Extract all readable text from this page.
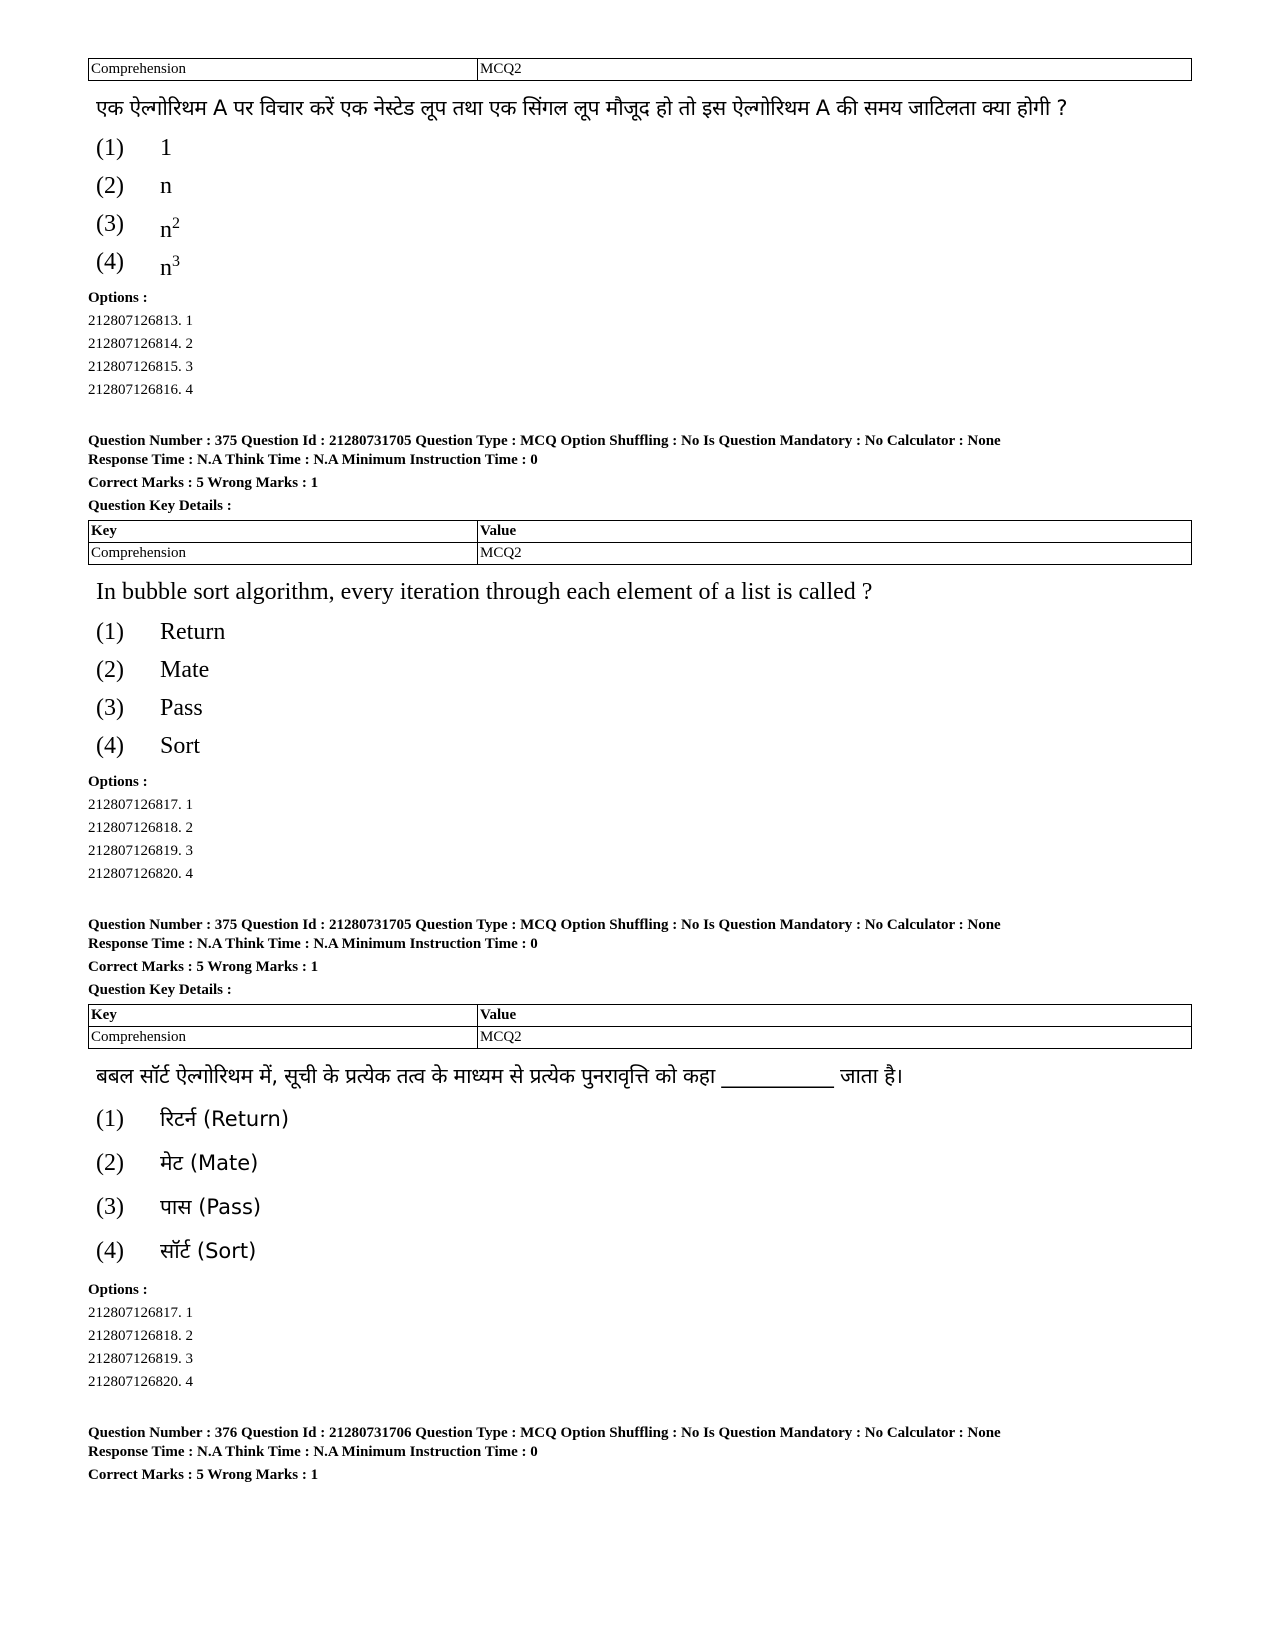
Comprehension	MCQ2
एक ऐल्गोरिथम A पर विचार करें एक नेस्टेड लूप तथा एक सिंगल लूप मौजूद हो तो इस ऐल्गोरिथम A की समय जाटिलता क्या होगी ?
(1)	1
(2)	n
(3)	$n^2$
(4)	$n^3$
Options :
212807126813. 1
212807126814. 2
212807126815. 3
212807126816. 4
Question Number : 375 Question Id : 21280731705 Question Type : MCQ Option Shuffling : No Is Question Mandatory : No Calculator : None
Response Time : N.A Think Time : N.A Minimum Instruction Time : 0
Correct Marks : 5 Wrong Marks : 1
Question Key Details :
Key	Value
Comprehension	MCQ2
In bubble sort algorithm, every iteration through each element of a list is called ?
(1)	Return
(2)	Mate
(3)	Pass
(4)	Sort
Options :
212807126817. 1
212807126818. 2
212807126819. 3
212807126820. 4
Question Number : 375 Question Id : 21280731705 Question Type : MCQ Option Shuffling : No Is Question Mandatory : No Calculator : None
Response Time : N.A Think Time : N.A Minimum Instruction Time : 0
Correct Marks : 5 Wrong Marks : 1
Question Key Details :
Key	Value
Comprehension	MCQ2
बबल सॉर्ट ऐल्गोरिथम में, सूची के प्रत्येक तत्व के माध्यम से प्रत्येक पुनरावृत्ति को कहा ___________ जाता है।
(1)	रिटर्न (Return)
(2)	मेट (Mate)
(3)	पास (Pass)
(4)	सॉर्ट (Sort)
Options :
212807126817. 1
212807126818. 2
212807126819. 3
212807126820. 4
Question Number : 376 Question Id : 21280731706 Question Type : MCQ Option Shuffling : No Is Question Mandatory : No Calculator : None
Response Time : N.A Think Time : N.A Minimum Instruction Time : 0
Correct Marks : 5 Wrong Marks : 1
